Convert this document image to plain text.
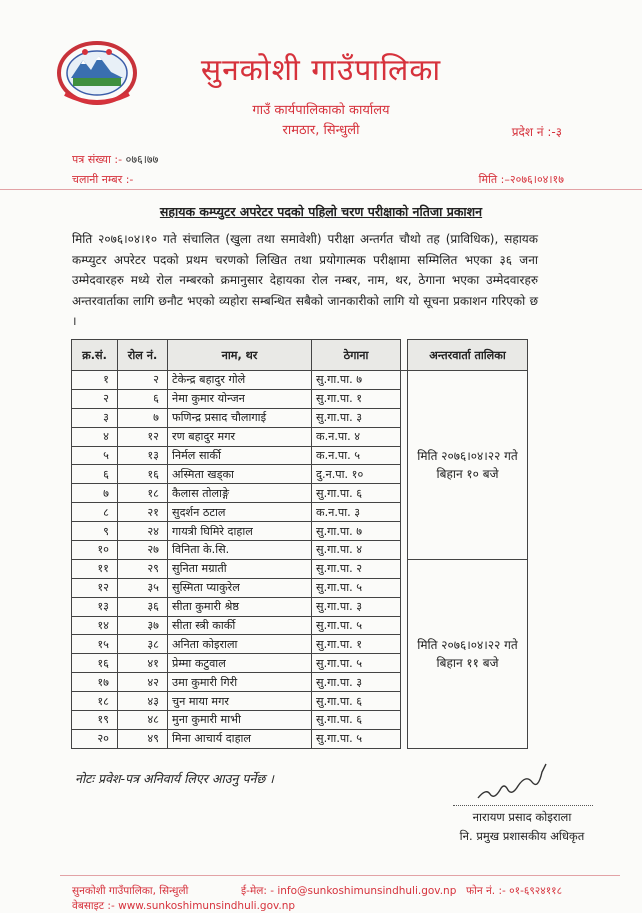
सुनकोशी गाउँपालिका
गाउँ कार्यपालिकाको कार्यालय
रामठार, सिन्धुली	प्रदेश नं :-३
पत्र संख्या :- ०७६।७७
चलानी नम्बर :-	मिति :–२०७६।०४।१७
सहायक कम्प्युटर अपरेटर पदको पहिलो चरण परीक्षाको नतिजा प्रकाशन
मिति २०७६।०४।१० गते संचालित (खुला तथा समावेशी) परीक्षा अन्तर्गत चौथो तह (प्राविधिक), सहायक कम्प्युटर अपरेटर पदको प्रथम चरणको लिखित तथा प्रयोगात्मक परीक्षामा सम्मिलित भएका ३६ जना उम्मेदवारहरु मध्ये रोल नम्बरको क्रमानुसार देहायका रोल नम्बर, नाम, थर, ठेगाना भएका उम्मेदवारहरु अन्तरवार्ताका लागि छनौट भएको व्यहोरा सम्बन्धित सबैको जानकारीको लागि यो सूचना प्रकाशन गरिएको छ ।
क्र.सं.	रोल नं.	नाम, थर	ठेगाना		अन्तरवार्ता तालिका
१	२	टेकेन्द्र बहादुर गोले	सु.गा.पा. ७		मिति २०७६।०४।२२ गते बिहान १० बजे
२	६	नेमा कुमार योन्जन	सु.गा.पा. १		
३	७	फणिन्द्र प्रसाद चौलागाई	सु.गा.पा. ३		
४	१२	रण बहादुर मगर	क.न.पा. ४		
५	१३	निर्मल सार्की	क.न.पा. ५		
६	१६	अस्मिता खड्का	दु.न.पा. १०		
७	१८	कैलास तोलाङ्गे	सु.गा.पा. ६		
८	२१	सुदर्शन ठटाल	क.न.पा. ३		
९	२४	गायत्री घिमिरे दाहाल	सु.गा.पा. ७		
१०	२७	विनिता के.सि.	सु.गा.पा. ४		
११	२९	सुनिता मग्राती	सु.गा.पा. २		मिति २०७६।०४।२२ गते बिहान ११ बजे
१२	३५	सुस्मिता प्याकुरेल	सु.गा.पा. ५		
१३	३६	सीता कुमारी श्रेष्ठ	सु.गा.पा. ३		
१४	३७	सीता स्त्री कार्की	सु.गा.पा. ५		
१५	३८	अनिता कोइराला	सु.गा.पा. १		
१६	४१	प्रेम्मा कटुवाल	सु.गा.पा. ५		
१७	४२	उमा कुमारी गिरी	सु.गा.पा. ३		
१८	४३	चुन माया मगर	सु.गा.पा. ६		
१९	४८	मुना कुमारी माभी	सु.गा.पा. ६		
२०	४९	मिना आचार्य दाहाल	सु.गा.पा. ५		
नोटः प्रवेश-पत्र अनिवार्य लिएर आउनु पर्नेछ ।
नारायण प्रसाद कोइराला
नि. प्रमुख प्रशासकीय अधिकृत
सुनकोशी गाउँपालिका, सिन्धुली	ई-मेल: - info@sunkoshimunsindhuli.gov.np फोन नं. :- ०१-६९२४११८
वेबसाइट :- www.sunkoshimunsindhuli.gov.np
